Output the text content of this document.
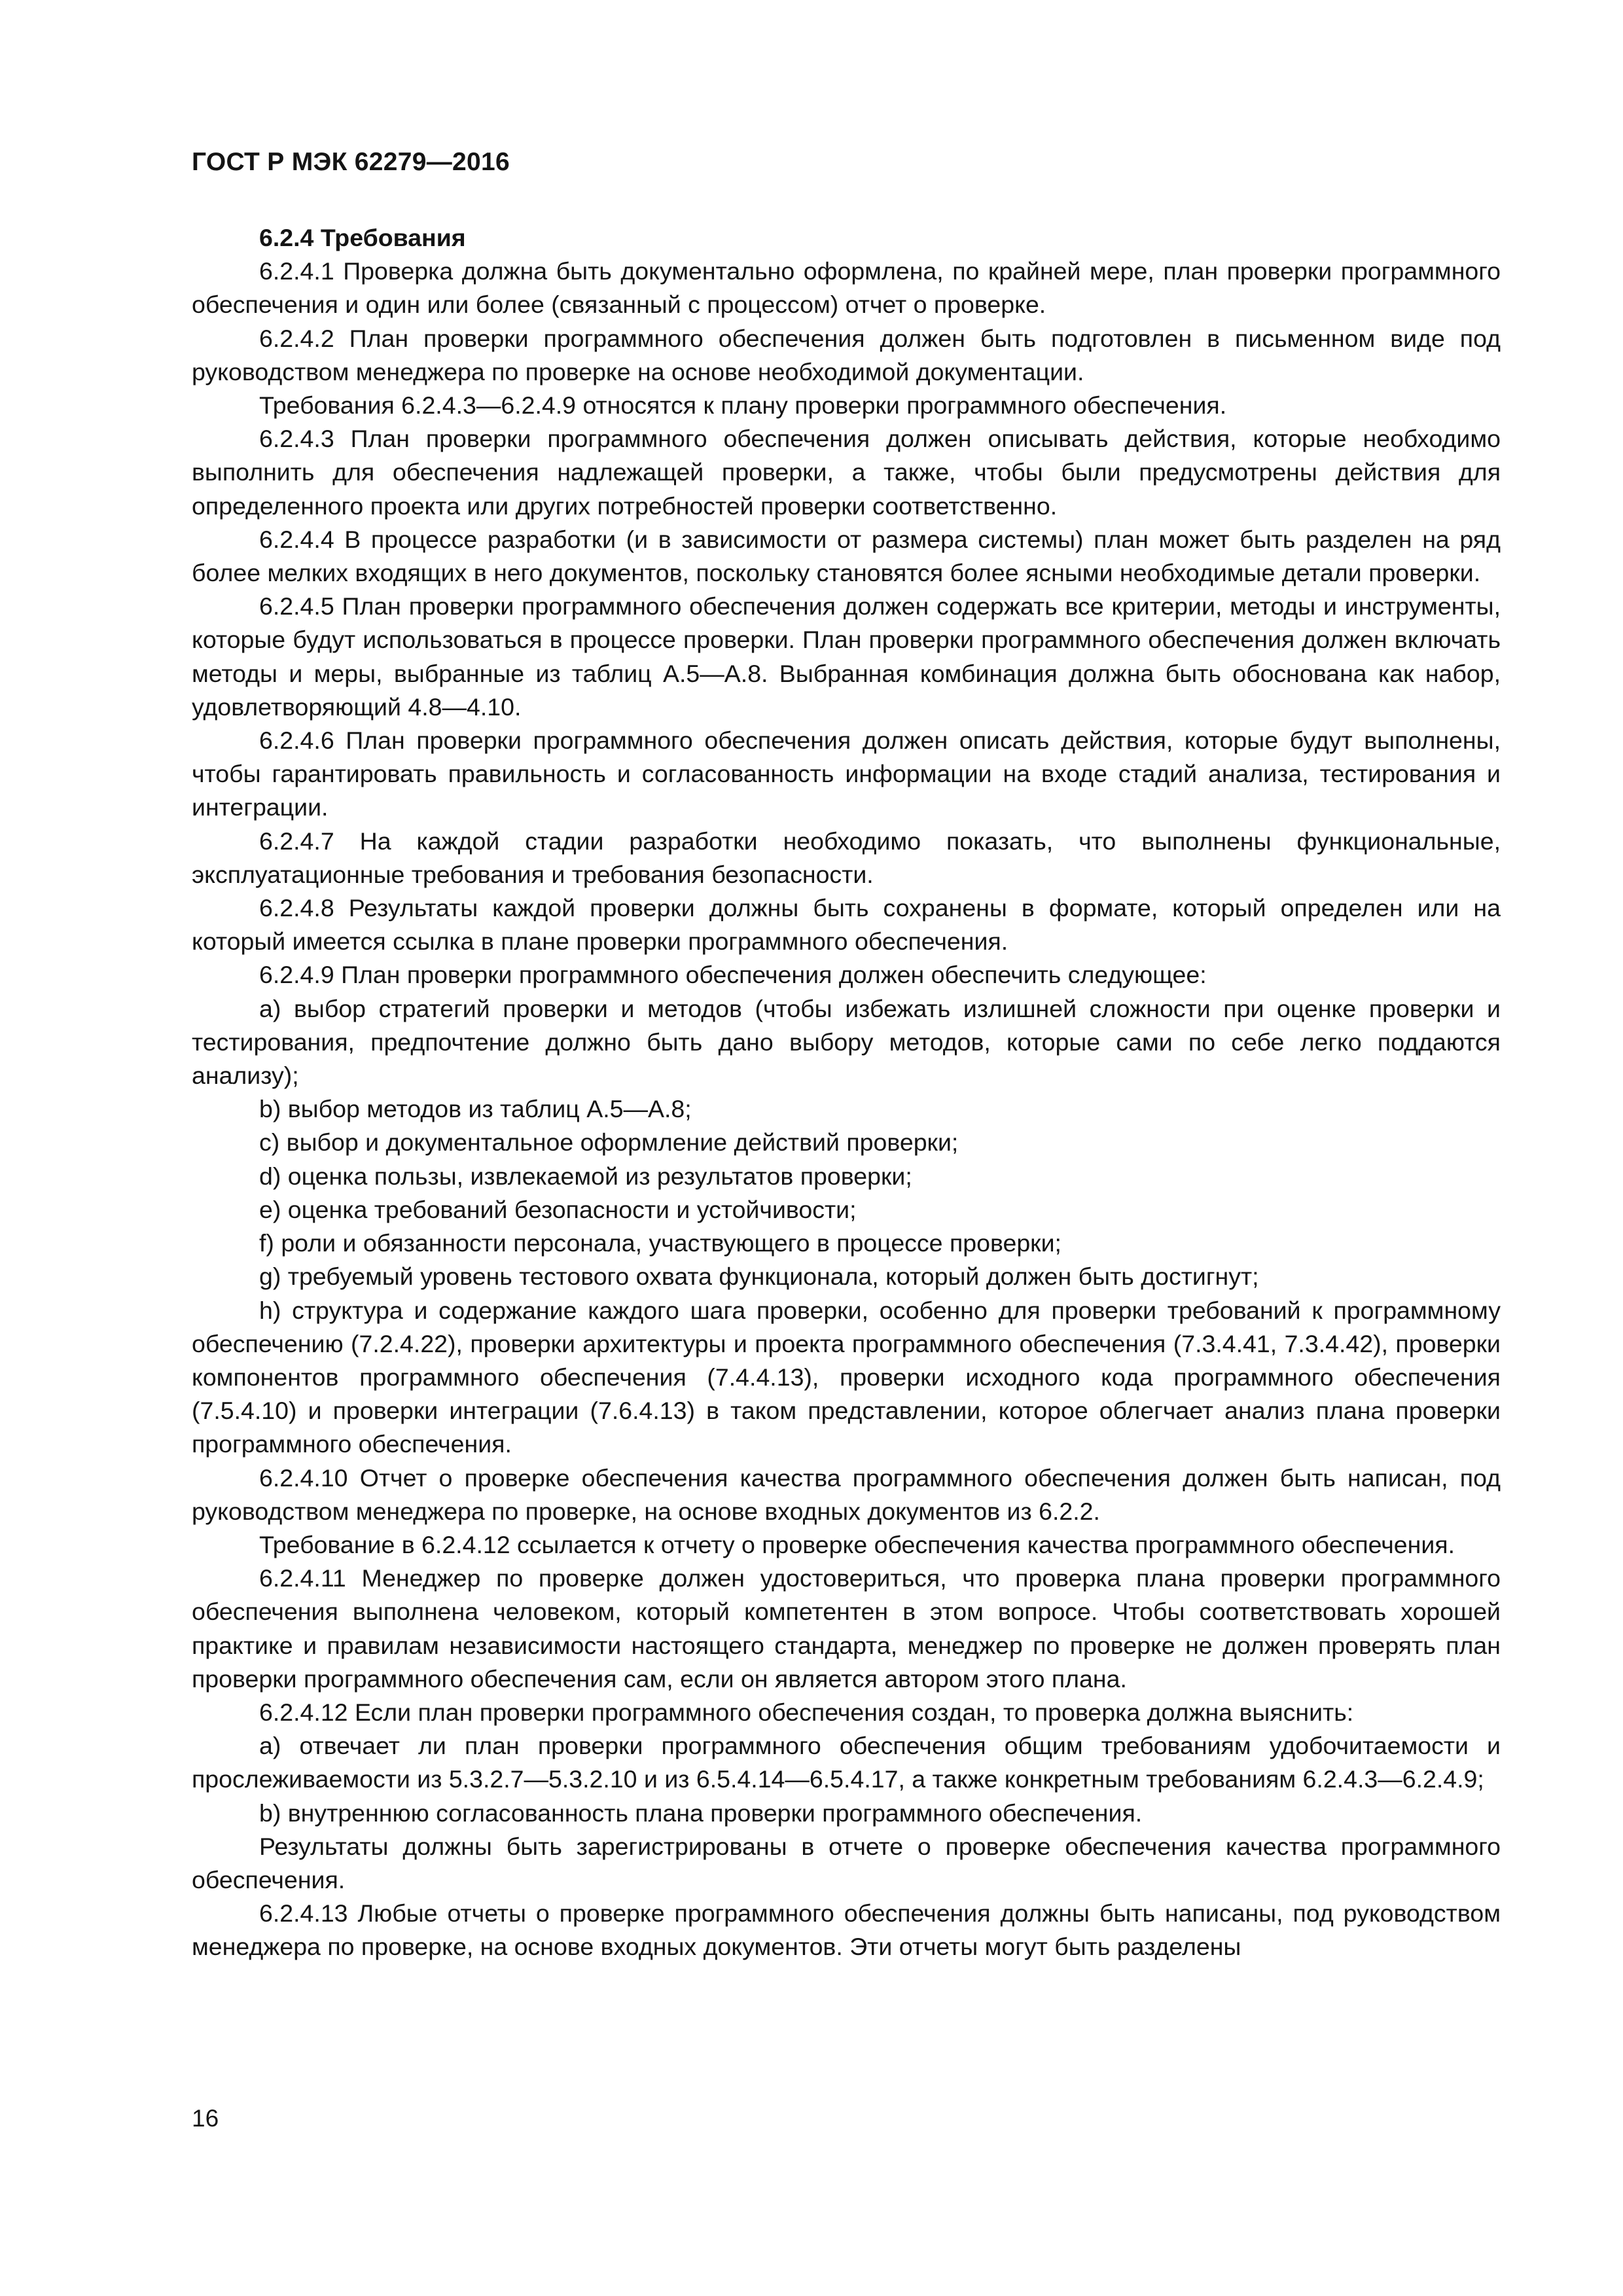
ГОСТ Р МЭК 62279—2016

6.2.4 Требования

6.2.4.1 Проверка должна быть документально оформлена, по крайней мере, план проверки программного обеспечения и один или более (связанный с процессом) отчет о проверке.

6.2.4.2 План проверки программного обеспечения должен быть подготовлен в письменном виде под руководством менеджера по проверке на основе необходимой документации.

Требования 6.2.4.3—6.2.4.9 относятся к плану проверки программного обеспечения.

6.2.4.3 План проверки программного обеспечения должен описывать действия, которые необходимо выполнить для обеспечения надлежащей проверки, а также, чтобы были предусмотрены действия для определенного проекта или других потребностей проверки соответственно.

6.2.4.4 В процессе разработки (и в зависимости от размера системы) план может быть разделен на ряд более мелких входящих в него документов, поскольку становятся более ясными необходимые детали проверки.

6.2.4.5 План проверки программного обеспечения должен содержать все критерии, методы и инструменты, которые будут использоваться в процессе проверки. План проверки программного обеспечения должен включать методы и меры, выбранные из таблиц А.5—А.8. Выбранная комбинация должна быть обоснована как набор, удовлетворяющий 4.8—4.10.

6.2.4.6 План проверки программного обеспечения должен описать действия, которые будут выполнены, чтобы гарантировать правильность и согласованность информации на входе стадий анализа, тестирования и интеграции.

6.2.4.7 На каждой стадии разработки необходимо показать, что выполнены функциональные, эксплуатационные требования и требования безопасности.

6.2.4.8 Результаты каждой проверки должны быть сохранены в формате, который определен или на который имеется ссылка в плане проверки программного обеспечения.

6.2.4.9 План проверки программного обеспечения должен обеспечить следующее:

a) выбор стратегий проверки и методов (чтобы избежать излишней сложности при оценке проверки и тестирования, предпочтение должно быть дано выбору методов, которые сами по себе легко поддаются анализу);

b) выбор методов из таблиц А.5—А.8;

c) выбор и документальное оформление действий проверки;

d) оценка пользы, извлекаемой из результатов проверки;

e) оценка требований безопасности и устойчивости;

f) роли и обязанности персонала, участвующего в процессе проверки;

g) требуемый уровень тестового охвата функционала, который должен быть достигнут;

h) структура и содержание каждого шага проверки, особенно для проверки требований к программному обеспечению (7.2.4.22), проверки архитектуры и проекта программного обеспечения (7.3.4.41, 7.3.4.42), проверки компонентов программного обеспечения (7.4.4.13), проверки исходного кода программного обеспечения (7.5.4.10) и проверки интеграции (7.6.4.13) в таком представлении, которое облегчает анализ плана проверки программного обеспечения.

6.2.4.10 Отчет о проверке обеспечения качества программного обеспечения должен быть написан, под руководством менеджера по проверке, на основе входных документов из 6.2.2.

Требование в 6.2.4.12 ссылается к отчету о проверке обеспечения качества программного обеспечения.

6.2.4.11 Менеджер по проверке должен удостовериться, что проверка плана проверки программного обеспечения выполнена человеком, который компетентен в этом вопросе. Чтобы соответствовать хорошей практике и правилам независимости настоящего стандарта, менеджер по проверке не должен проверять план проверки программного обеспечения сам, если он является автором этого плана.

6.2.4.12 Если план проверки программного обеспечения создан, то проверка должна выяснить:

a) отвечает ли план проверки программного обеспечения общим требованиям удобочитаемости и прослеживаемости из 5.3.2.7—5.3.2.10 и из 6.5.4.14—6.5.4.17, а также конкретным требованиям 6.2.4.3—6.2.4.9;

b) внутреннюю согласованность плана проверки программного обеспечения.

Результаты должны быть зарегистрированы в отчете о проверке обеспечения качества программного обеспечения.

6.2.4.13 Любые отчеты о проверке программного обеспечения должны быть написаны, под руководством менеджера по проверке, на основе входных документов. Эти отчеты могут быть разделены

16
